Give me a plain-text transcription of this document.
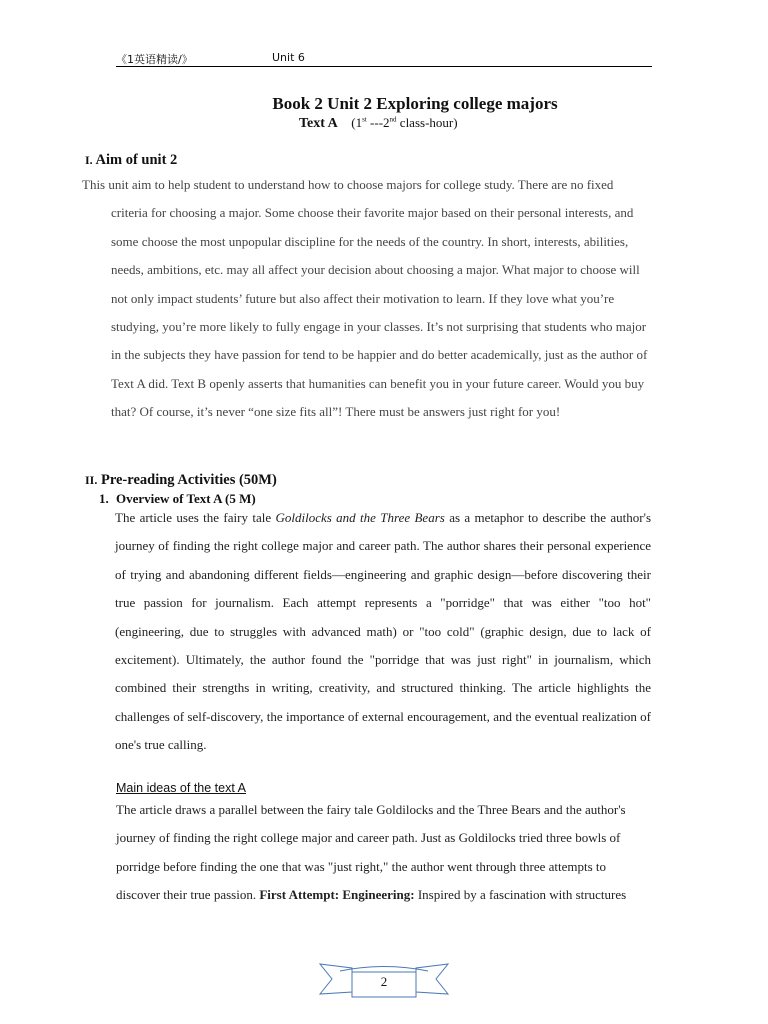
《1英语精读/》	Unit 6
Book 2 Unit 2 Exploring college majors
Text A (1st ---2nd class-hour)
I. Aim of unit 2

This unit aim to help student to understand how to choose majors for college study. There are no fixed

criteria for choosing a major. Some choose their favorite major based on their personal interests, and some choose the most unpopular discipline for the needs of the country. In short, interests, abilities, needs, ambitions, etc. may all affect your decision about choosing a major. What major to choose will not only impact students’ future but also affect their motivation to learn. If they love what you’re studying, you’re more likely to fully engage in your classes. It’s not surprising that students who major in the subjects they have passion for tend to be happier and do better academically, just as the author of Text A did. Text B openly asserts that humanities can benefit you in your future career. Would you buy that? Of course, it’s never “one size fits all”! There must be answers just right for you!

II. Pre-reading Activities (50M)
1. Overview of Text A (5 M)

The article uses the fairy tale Goldilocks and the Three Bears as a metaphor to describe the author's journey of finding the right college major and career path. The author shares their personal experience of trying and abandoning different fields—engineering and graphic design—before discovering their true passion for journalism. Each attempt represents a "porridge" that was either "too hot" (engineering, due to struggles with advanced math) or "too cold" (graphic design, due to lack of excitement). Ultimately, the author found the "porridge that was just right" in journalism, which combined their strengths in writing, creativity, and structured thinking. The article highlights the challenges of self-discovery, the importance of external encouragement, and the eventual realization of one's true calling.

Main ideas of the text A

The article draws a parallel between the fairy tale Goldilocks and the Three Bears and the author's journey of finding the right college major and career path. Just as Goldilocks tried three bowls of porridge before finding the one that was "just right," the author went through three attempts to discover their true passion. First Attempt: Engineering: Inspired by a fascination with structures

2
